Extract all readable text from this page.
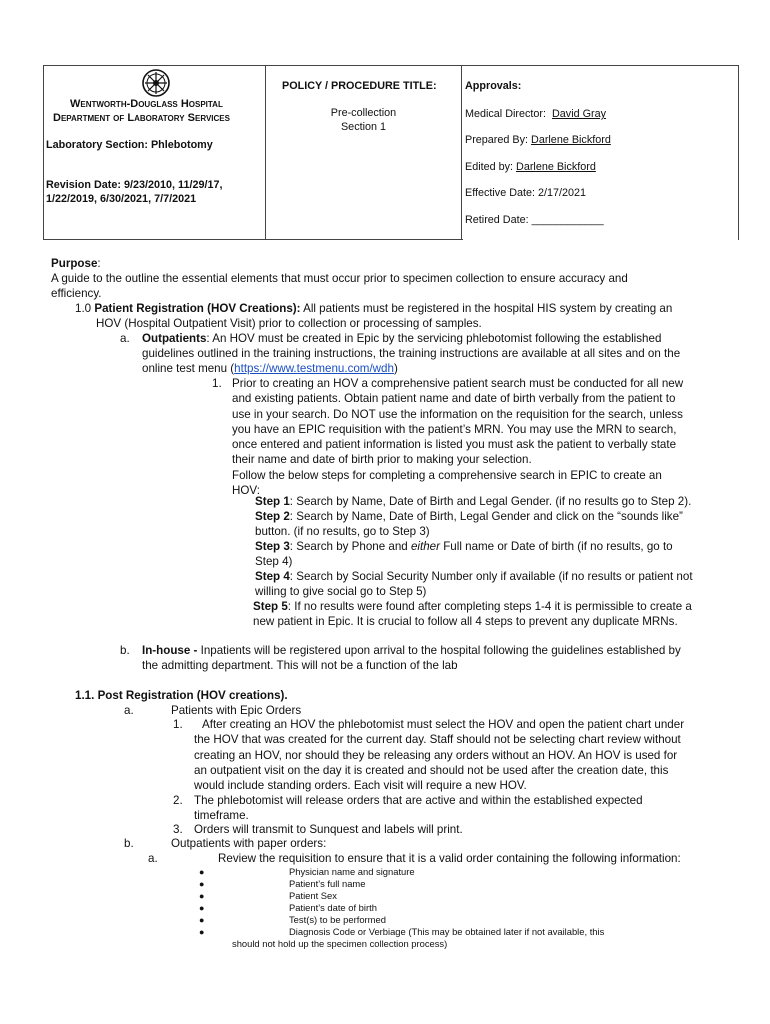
Wentworth-Douglass Hospital
Department of Laboratory Services
Laboratory Section: Phlebotomy
Revision Date: 9/23/2010, 11/29/17,
1/22/2019, 6/30/2021, 7/7/2021
POLICY / PROCEDURE TITLE:
Pre-collection
Section 1
Approvals:
Medical Director: David Gray
Prepared By: Darlene Bickford
Edited by: Darlene Bickford
Effective Date: 2/17/2021
Retired Date: ____________
Purpose:
A guide to the outline the essential elements that must occur prior to specimen collection to ensure accuracy and
efficiency.
1.0 Patient Registration (HOV Creations): All patients must be registered in the hospital HIS system by creating an
HOV (Hospital Outpatient Visit) prior to collection or processing of samples.
a. Outpatients: An HOV must be created in Epic by the servicing phlebotomist following the established
guidelines outlined in the training instructions, the training instructions are available at all sites and on the
online test menu (https://www.testmenu.com/wdh)
1. Prior to creating an HOV a comprehensive patient search must be conducted for all new
and existing patients. Obtain patient name and date of birth verbally from the patient to
use in your search. Do NOT use the information on the requisition for the search, unless
you have an EPIC requisition with the patient’s MRN. You may use the MRN to search,
once entered and patient information is listed you must ask the patient to verbally state
their name and date of birth prior to making your selection.
Follow the below steps for completing a comprehensive search in EPIC to create an
HOV:
Step 1: Search by Name, Date of Birth and Legal Gender. (if no results go to Step 2).
Step 2: Search by Name, Date of Birth, Legal Gender and click on the “sounds like”
button. (if no results, go to Step 3)
Step 3: Search by Phone and either Full name or Date of birth (if no results, go to
Step 4)
Step 4: Search by Social Security Number only if available (if no results or patient not
willing to give social go to Step 5)
Step 5: If no results were found after completing steps 1-4 it is permissible to create a
new patient in Epic. It is crucial to follow all 4 steps to prevent any duplicate MRNs.
b. In-house - Inpatients will be registered upon arrival to the hospital following the guidelines established by
the admitting department. This will not be a function of the lab
1.1. Post Registration (HOV creations).
a.	Patients with Epic Orders
1.	After creating an HOV the phlebotomist must select the HOV and open the patient chart under
the HOV that was created for the current day. Staff should not be selecting chart review without
creating an HOV, nor should they be releasing any orders without an HOV. An HOV is used for
an outpatient visit on the day it is created and should not be used after the creation date, this
would include standing orders. Each visit will require a new HOV.
2. The phlebotomist will release orders that are active and within the established expected
timeframe.
3. Orders will transmit to Sunquest and labels will print.
b.	Outpatients with paper orders:
a.	Review the requisition to ensure that it is a valid order containing the following information:
●	Physician name and signature
●	Patient’s full name
●	Patient Sex
●	Patient’s date of birth
●	Test(s) to be performed
●	Diagnosis Code or Verbiage (This may be obtained later if not available, this
should not hold up the specimen collection process)
